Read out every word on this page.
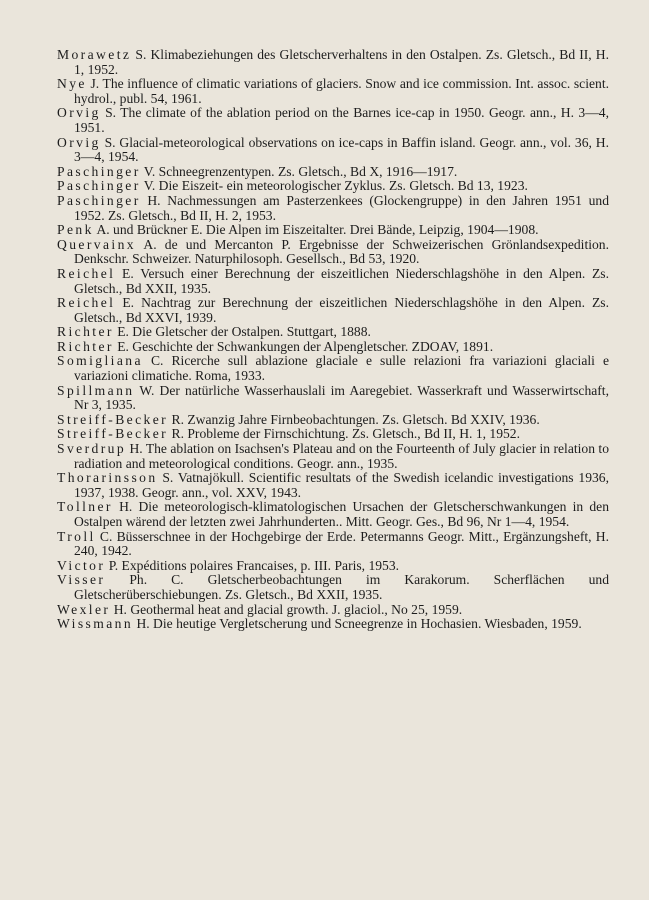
Morawetz S. Klimabeziehungen des Gletscherverhaltens in den Ostalpen. Zs. Gletsch., Bd II, H. 1, 1952.
Nye J. The influence of climatic variations of glaciers. Snow and ice commission. Int. assoc. scient. hydrol., publ. 54, 1961.
Orvig S. The climate of the ablation period on the Barnes ice-cap in 1950. Geogr. ann., H. 3—4, 1951.
Orvig S. Glacial-meteorological observations on ice-caps in Baffin island. Geogr. ann., vol. 36, H. 3—4, 1954.
Paschinger V. Schneegrenzentypen. Zs. Gletsch., Bd X, 1916—1917.
Paschinger V. Die Eiszeit- ein meteorologischer Zyklus. Zs. Gletsch. Bd 13, 1923.
Paschinger H. Nachmessungen am Pasterzenkees (Glockengruppe) in den Jahren 1951 und 1952. Zs. Gletsch., Bd II, H. 2, 1953.
Penk A. und Brückner E. Die Alpen im Eiszeitalter. Drei Bände, Leipzig, 1904—1908.
Quervainx A. de und Mercanton P. Ergebnisse der Schweizerischen Grönlandsexpedition. Denkschr. Schweizer. Naturphilosoph. Gesellsch., Bd 53, 1920.
Reichel E. Versuch einer Berechnung der eiszeitlichen Niederschlagshöhe in den Alpen. Zs. Gletsch., Bd XXII, 1935.
Reichel E. Nachtrag zur Berechnung der eiszeitlichen Niederschlagshöhe in den Alpen. Zs. Gletsch., Bd XXVI, 1939.
Richter E. Die Gletscher der Ostalpen. Stuttgart, 1888.
Richter E. Geschichte der Schwankungen der Alpengletscher. ZDOAV, 1891.
Somigliana C. Ricerche sull ablazione glaciale e sulle relazioni fra variazioni glaciali e variazioni climatiche. Roma, 1933.
Spillmann W. Der natürliche Wasserhauslali im Aaregebiet. Wasserkraft und Wasserwirtschaft, Nr 3, 1935.
Streiff-Becker R. Zwanzig Jahre Firnbeobachtungen. Zs. Gletsch. Bd XXIV, 1936.
Streiff-Becker R. Probleme der Firnschichtung. Zs. Gletsch., Bd II, H. 1, 1952.
Sverdrup H. The ablation on Isachsen's Plateau and on the Fourteenth of July glacier in relation to radiation and meteorological conditions. Geogr. ann., 1935.
Thorarinsson S. Vatnajökull. Scientific resultats of the Swedish icelandic investigations 1936, 1937, 1938. Geogr. ann., vol. XXV, 1943.
Tollner H. Die meteorologisch-klimatologischen Ursachen der Gletscherschwankungen in den Ostalpen wärend der letzten zwei Jahrhunderten.. Mitt. Geogr. Ges., Bd 96, Nr 1—4, 1954.
Troll C. Büsserschnee in der Hochgebirge der Erde. Petermanns Geogr. Mitt., Ergänzungsheft, H. 240, 1942.
Victor P. Expéditions polaires Francaises, p. III. Paris, 1953.
Visser Ph. C. Gletscherbeobachtungen im Karakorum. Scherflächen und Gletscherüberschiebungen. Zs. Gletsch., Bd XXII, 1935.
Wexler H. Geothermal heat and glacial growth. J. glaciol., No 25, 1959.
Wissmann H. Die heutige Vergletscherung und Scneegrenze in Hochasien. Wiesbaden, 1959.
